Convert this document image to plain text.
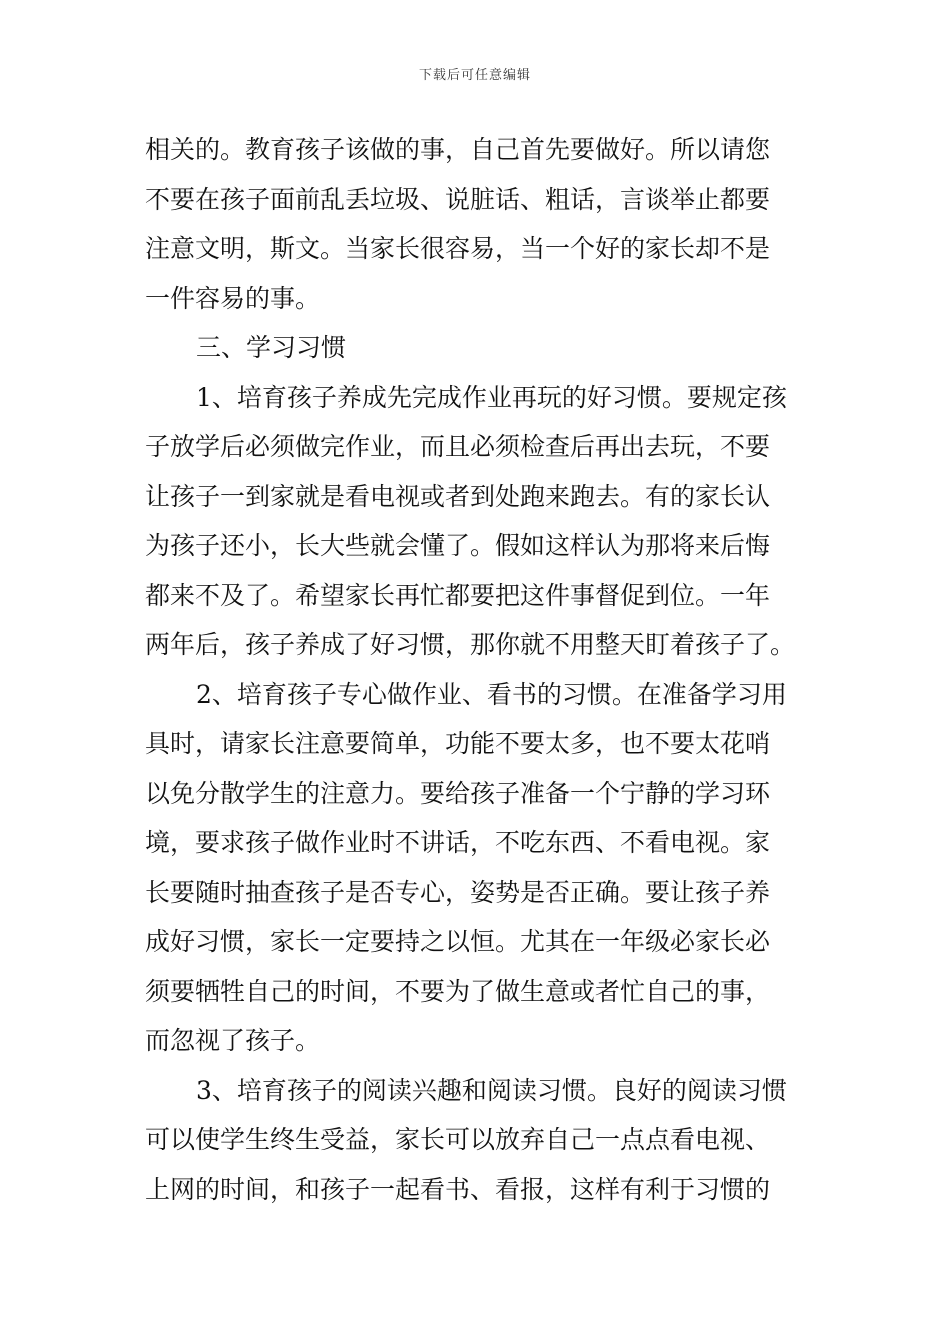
下载后可任意编辑
相关的。教育孩子该做的事，自己首先要做好。所以请您
不要在孩子面前乱丢垃圾、说脏话、粗话，言谈举止都要
注意文明，斯文。当家长很容易，当一个好的家长却不是
一件容易的事。
三、学习习惯
1、培育孩子养成先完成作业再玩的好习惯。要规定孩
子放学后必须做完作业，而且必须检查后再出去玩，不要
让孩子一到家就是看电视或者到处跑来跑去。有的家长认
为孩子还小，长大些就会懂了。假如这样认为那将来后悔
都来不及了。希望家长再忙都要把这件事督促到位。一年
两年后，孩子养成了好习惯，那你就不用整天盯着孩子了。
2、培育孩子专心做作业、看书的习惯。在准备学习用
具时，请家长注意要简单，功能不要太多，也不要太花哨
以免分散学生的注意力。要给孩子准备一个宁静的学习环
境，要求孩子做作业时不讲话，不吃东西、不看电视。家
长要随时抽查孩子是否专心，姿势是否正确。要让孩子养
成好习惯，家长一定要持之以恒。尤其在一年级必家长必
须要牺牲自己的时间，不要为了做生意或者忙自己的事，
而忽视了孩子。
3、培育孩子的阅读兴趣和阅读习惯。良好的阅读习惯
可以使学生终生受益，家长可以放弃自己一点点看电视、
上网的时间，和孩子一起看书、看报，这样有利于习惯的
